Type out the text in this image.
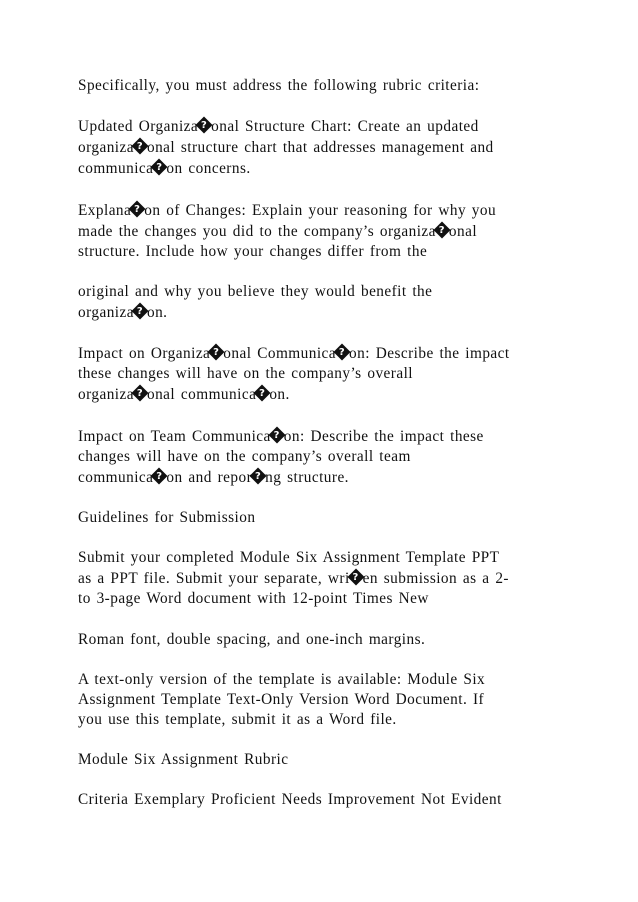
Specifically, you must address the following rubric criteria:

Updated Organiza ? onal Structure Chart: Create an updated
organiza ? onal structure chart that addresses management and
communica ? on concerns.

Explana ? on of Changes: Explain your reasoning for why you
made the changes you did to the company’s organiza ? onal
structure. Include how your changes differ from the

original and why you believe they would benefit the
organiza ? on.

Impact on Organiza ? onal Communica ? on: Describe the impact
these changes will have on the company’s overall
organiza ? onal communica ? on.

Impact on Team Communica ? on: Describe the impact these
changes will have on the company’s overall team
communica ? on and repor ? ng structure.

Guidelines for Submission

Submit your completed Module Six Assignment Template PPT
as a PPT file. Submit your separate, wri ? en submission as a 2-
to 3-page Word document with 12-point Times New

Roman font, double spacing, and one-inch margins.

A text-only version of the template is available: Module Six
Assignment Template Text-Only Version Word Document. If
you use this template, submit it as a Word file.

Module Six Assignment Rubric

Criteria Exemplary Proficient Needs Improvement Not Evident
